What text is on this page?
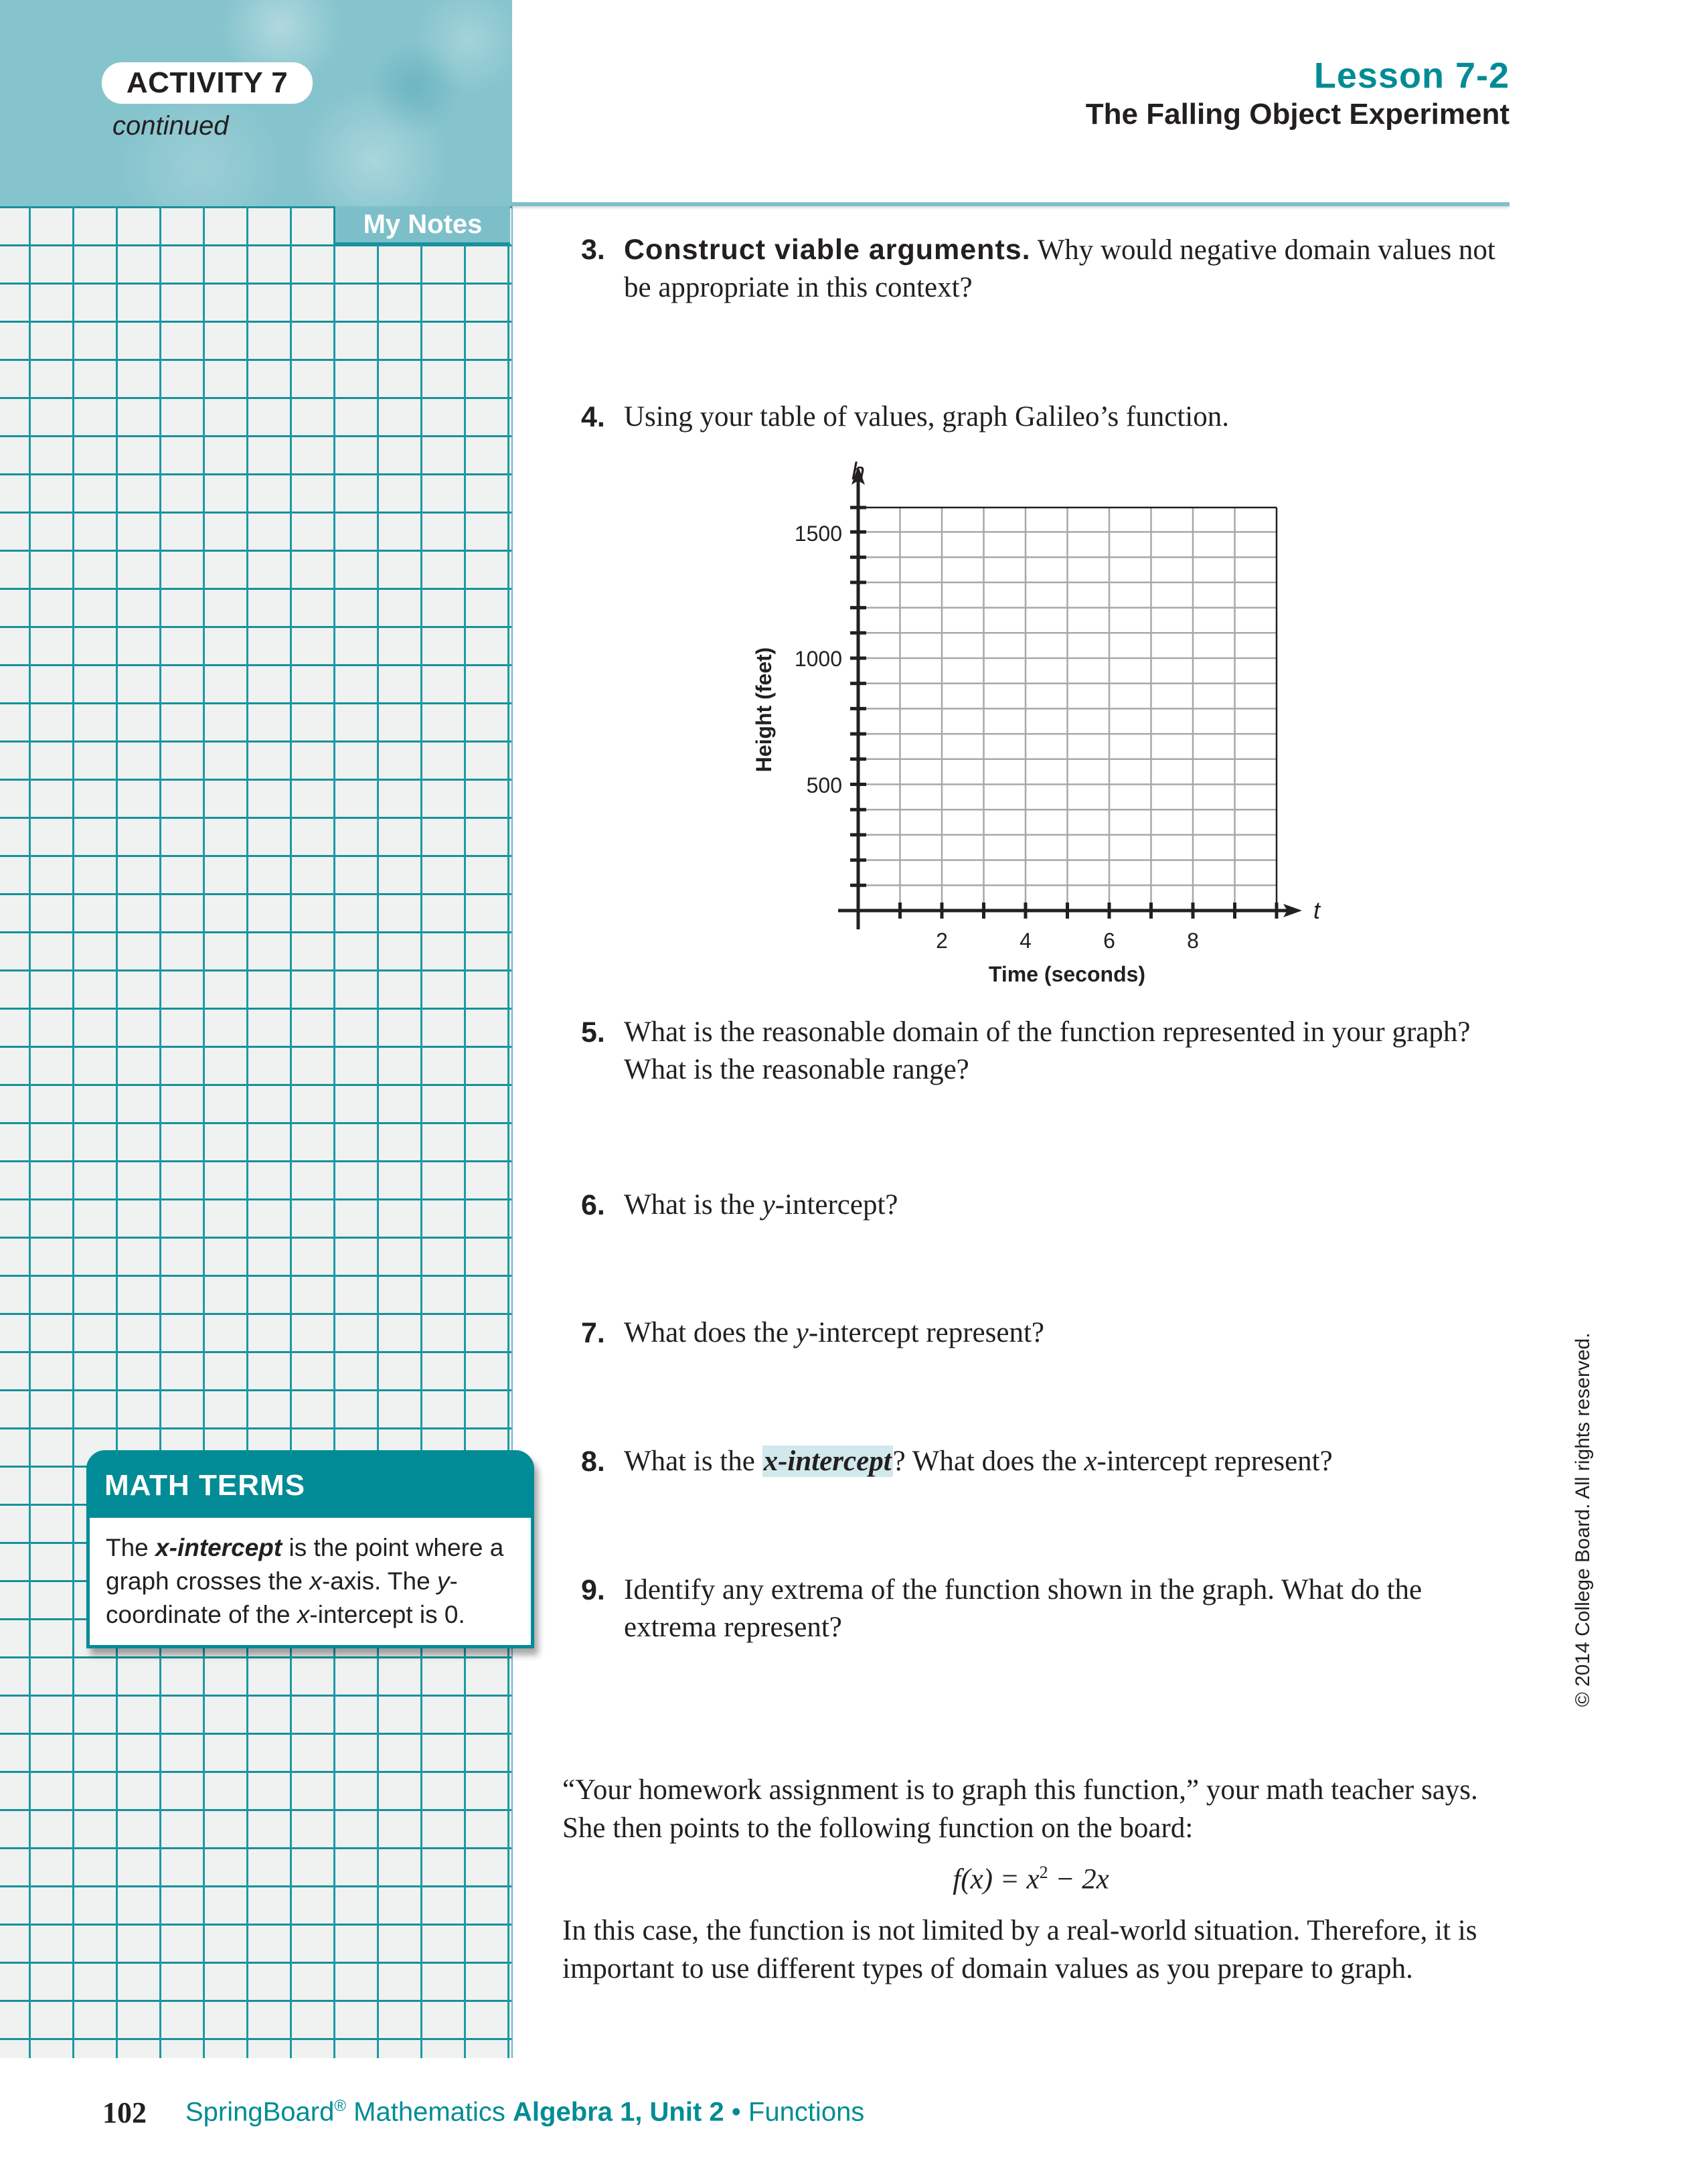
ACTIVITY 7
continued
Lesson 7-2
The Falling Object Experiment
My Notes
MATH TERMS
The x-intercept is the point where a graph crosses the x-axis. The y-coordinate of the x-intercept is 0.
3. Construct viable arguments. Why would negative domain values not be appropriate in this context?
4. Using your table of values, graph Galileo’s function.
h
t
1500
1000
500
2	4	6	8
Time (seconds)
Height (feet)
5. What is the reasonable domain of the function represented in your graph? What is the reasonable range?
6. What is the y-intercept?
7. What does the y-intercept represent?
8. What is the x-intercept? What does the x-intercept represent?
9. Identify any extrema of the function shown in the graph. What do the extrema represent?
“Your homework assignment is to graph this function,” your math teacher says. She then points to the following function on the board:
$f(x) = x^2 - 2x$
In this case, the function is not limited by a real-world situation. Therefore, it is important to use different types of domain values as you prepare to graph.
102 SpringBoard® Mathematics Algebra 1, Unit 2 • Functions
© 2014 College Board. All rights reserved.
